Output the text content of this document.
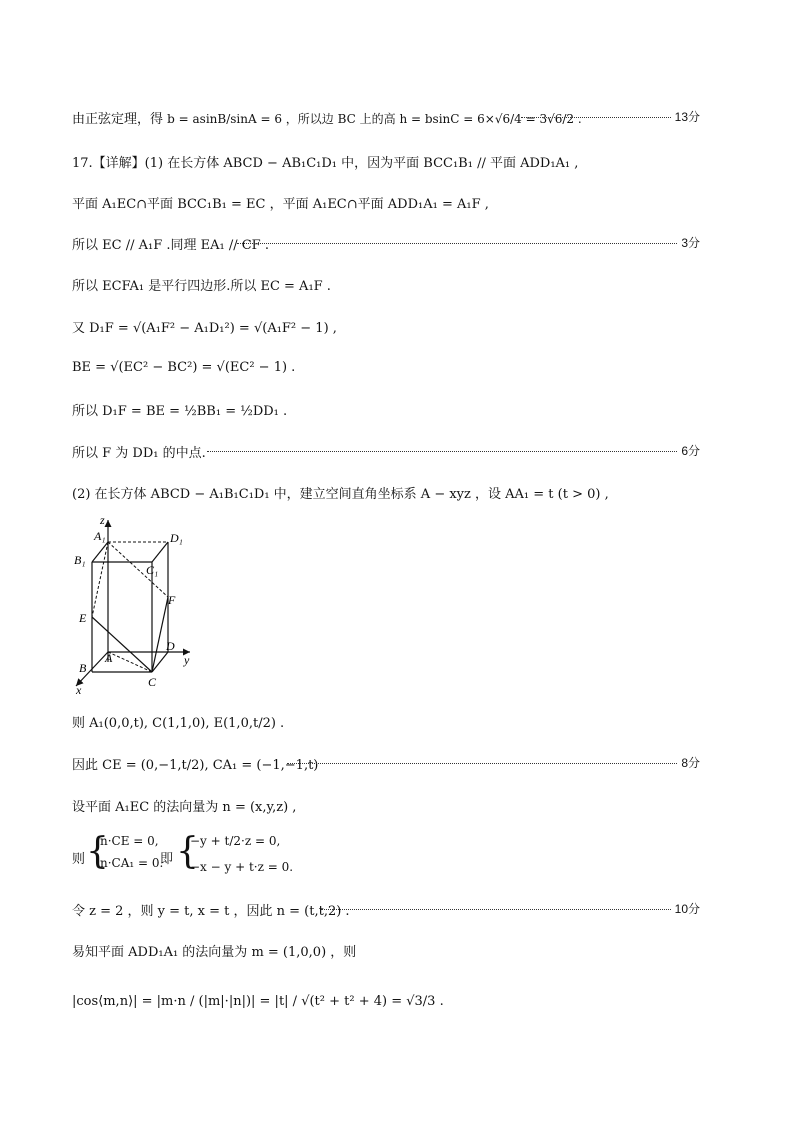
由正弦定理，得 b = asinB/sinA = 6 ，所以边 BC 上的高 h = bsinC = 6×√6/4 = 3√6/2 .	13分
17.【详解】(1) 在长方体 ABCD − AB₁C₁D₁ 中，因为平面 BCC₁B₁ // 平面 ADD₁A₁ ,
平面 A₁EC∩平面 BCC₁B₁ = EC ，平面 A₁EC∩平面 ADD₁A₁ = A₁F ,
所以 EC // A₁F .同理 EA₁ // CF .	3分
所以 ECFA₁ 是平行四边形.所以 EC = A₁F .
又 D₁F = √(A₁F² − A₁D₁²) = √(A₁F² − 1) ,
BE = √(EC² − BC²) = √(EC² − 1) .
所以 D₁F = BE = ½BB₁ = ½DD₁ .
所以 F 为 DD₁ 的中点.	6分
(2) 在长方体 ABCD − A₁B₁C₁D₁ 中，建立空间直角坐标系 A − xyz ，设 AA₁ = t (t > 0) ,
z
A₁	D₁
B₁
C₁
F
E
D
y
B
A
C
x
则 A₁(0,0,t), C(1,1,0), E(1,0,t/2) .
因此 CE = (0,−1,t/2), CA₁ = (−1,−1,t)	8分
设平面 A₁EC 的法向量为 n = (x,y,z) ,
则 {
n·CE = 0,
n·CA₁ = 0.
即 {
−y + t/2·z = 0,
−x − y + t·z = 0.
令 z = 2 ，则 y = t, x = t ，因此 n = (t,t,2) .	10分
易知平面 ADD₁A₁ 的法向量为 m = (1,0,0) ，则
|cos⟨m,n⟩| = |m·n / (|m|·|n|)| = |t| / √(t² + t² + 4) = √3/3 .
